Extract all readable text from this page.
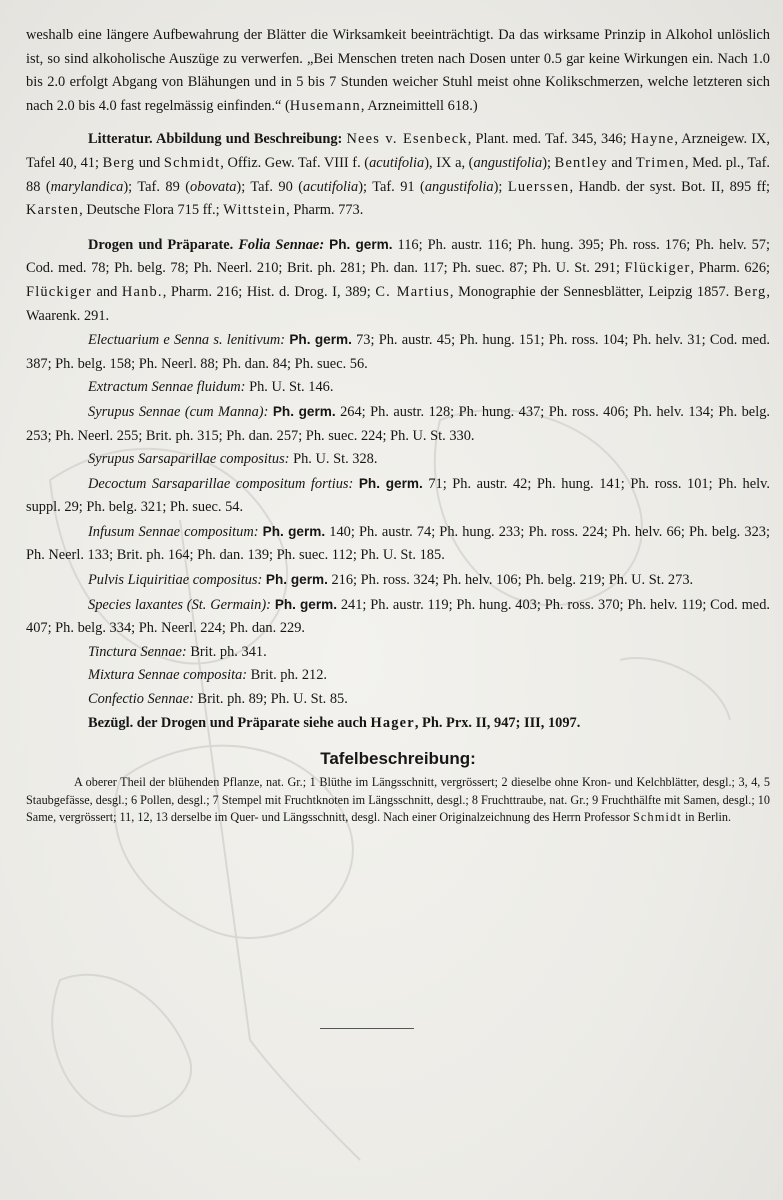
weshalb eine längere Aufbewahrung der Blätter die Wirksamkeit beeinträchtigt. Da das wirksame Prinzip in Alkohol unlöslich ist, so sind alkoholische Auszüge zu verwerfen. „Bei Menschen treten nach Dosen unter 0.5 gar keine Wirkungen ein. Nach 1.0 bis 2.0 erfolgt Abgang von Blähungen und in 5 bis 7 Stunden weicher Stuhl meist ohne Kolikschmerzen, welche letzteren sich nach 2.0 bis 4.0 fast regelmässig einfinden.“ (Husemann, Arzneimittell 618.)

Litteratur. Abbildung und Beschreibung: Nees v. Esenbeck, Plant. med. Taf. 345, 346; Hayne, Arzneigew. IX, Tafel 40, 41; Berg und Schmidt, Offiz. Gew. Taf. VIII f. (acutifolia), IX a, (angustifolia); Bentley and Trimen, Med. pl., Taf. 88 (marylandica); Taf. 89 (obovata); Taf. 90 (acutifolia); Taf. 91 (angustifolia); Luerssen, Handb. der syst. Bot. II, 895 ff; Karsten, Deutsche Flora 715 ff.; Wittstein, Pharm. 773.

Drogen und Präparate. Folia Sennae: Ph. germ. 116; Ph. austr. 116; Ph. hung. 395; Ph. ross. 176; Ph. helv. 57; Cod. med. 78; Ph. belg. 78; Ph. Neerl. 210; Brit. ph. 281; Ph. dan. 117; Ph. suec. 87; Ph. U. St. 291; Flückiger, Pharm. 626; Flückiger and Hanb., Pharm. 216; Hist. d. Drog. I, 389; C. Martius, Monographie der Sennesblätter, Leipzig 1857. Berg, Waarenk. 291.

Electuarium e Senna s. lenitivum: Ph. germ. 73; Ph. austr. 45; Ph. hung. 151; Ph. ross. 104; Ph. helv. 31; Cod. med. 387; Ph. belg. 158; Ph. Neerl. 88; Ph. dan. 84; Ph. suec. 56.

Extractum Sennae fluidum: Ph. U. St. 146.

Syrupus Sennae (cum Manna): Ph. germ. 264; Ph. austr. 128; Ph. hung. 437; Ph. ross. 406; Ph. helv. 134; Ph. belg. 253; Ph. Neerl. 255; Brit. ph. 315; Ph. dan. 257; Ph. suec. 224; Ph. U. St. 330.

Syrupus Sarsaparillae compositus: Ph. U. St. 328.

Decoctum Sarsaparillae compositum fortius: Ph. germ. 71; Ph. austr. 42; Ph. hung. 141; Ph. ross. 101; Ph. helv. suppl. 29; Ph. belg. 321; Ph. suec. 54.

Infusum Sennae compositum: Ph. germ. 140; Ph. austr. 74; Ph. hung. 233; Ph. ross. 224; Ph. helv. 66; Ph. belg. 323; Ph. Neerl. 133; Brit. ph. 164; Ph. dan. 139; Ph. suec. 112; Ph. U. St. 185.

Pulvis Liquiritiae compositus: Ph. germ. 216; Ph. ross. 324; Ph. helv. 106; Ph. belg. 219; Ph. U. St. 273.

Species laxantes (St. Germain): Ph. germ. 241; Ph. austr. 119; Ph. hung. 403; Ph. ross. 370; Ph. helv. 119; Cod. med. 407; Ph. belg. 334; Ph. Neerl. 224; Ph. dan. 229.

Tinctura Sennae: Brit. ph. 341.

Mixtura Sennae composita: Brit. ph. 212.

Confectio Sennae: Brit. ph. 89; Ph. U. St. 85.

Bezügl. der Drogen und Präparate siehe auch Hager, Ph. Prx. II, 947; III, 1097.

Tafelbeschreibung:

A oberer Theil der blühenden Pflanze, nat. Gr.; 1 Blüthe im Längsschnitt, vergrössert; 2 dieselbe ohne Kron- und Kelchblätter, desgl.; 3, 4, 5 Staubgefässe, desgl.; 6 Pollen, desgl.; 7 Stempel mit Fruchtknoten im Längsschnitt, desgl.; 8 Fruchttraube, nat. Gr.; 9 Fruchthälfte mit Samen, desgl.; 10 Same, vergrössert; 11, 12, 13 derselbe im Quer- und Längsschnitt, desgl. Nach einer Originalzeichnung des Herrn Professor Schmidt in Berlin.
